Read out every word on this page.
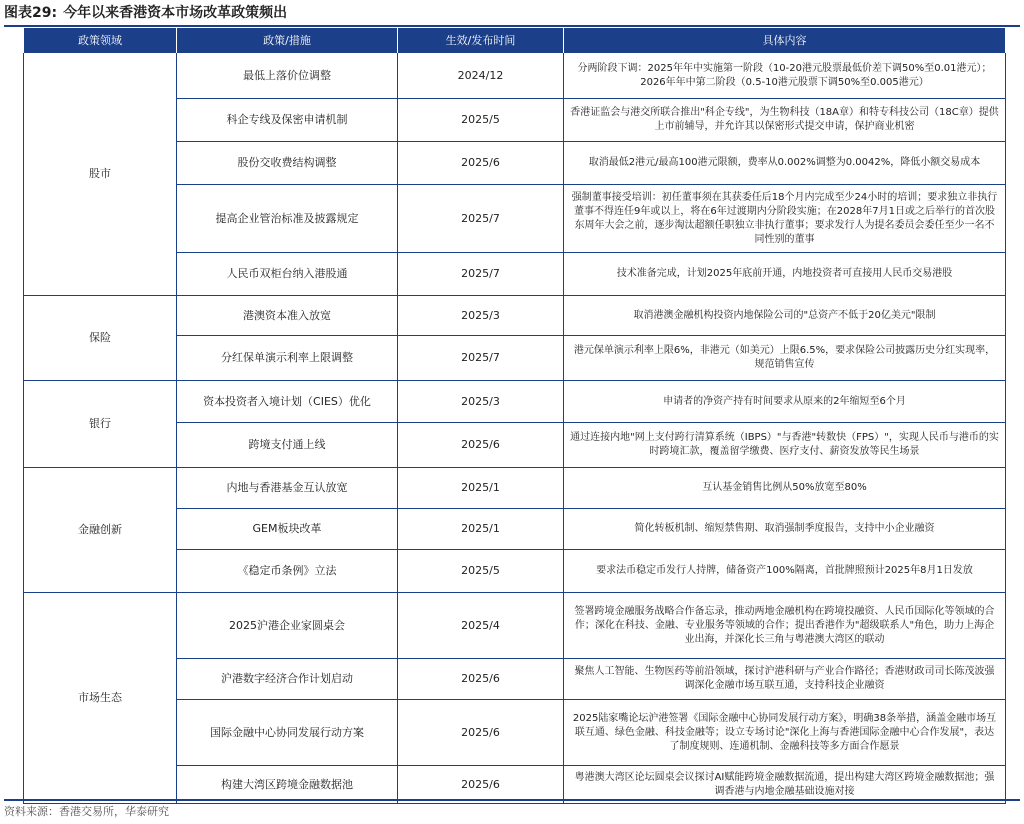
图表29: 今年以来香港资本市场改革政策频出
政策领域	政策/措施	生效/发布时间	具体内容
股市	最低上落价位调整	2024/12	分两阶段下调：2025年年中实施第一阶段（10-20港元股票最低价差下调50%至0.01港元）；2026年年中第二阶段（0.5-10港元股票下调50%至0.005港元）
	科企专线及保密申请机制	2025/5	香港证监会与港交所联合推出"科企专线"，为生物科技（18A章）和特专科技公司（18C章）提供上市前辅导，并允许其以保密形式提交申请，保护商业机密
	股份交收费结构调整	2025/6	取消最低2港元/最高100港元限额，费率从0.002%调整为0.0042%，降低小额交易成本
	提高企业管治标准及披露规定	2025/7	强制董事接受培训：初任董事须在其获委任后18个月内完成至少24小时的培训；要求独立非执行董事不得连任9年或以上，将在6年过渡期内分阶段实施；在2028年7月1日或之后举行的首次股东周年大会之前，逐步淘汰超额任职独立非执行董事；要求发行人为提名委员会委任至少一名不同性别的董事
	人民币双柜台纳入港股通	2025/7	技术准备完成，计划2025年底前开通，内地投资者可直接用人民币交易港股
保险	港澳资本准入放宽	2025/3	取消港澳金融机构投资内地保险公司的"总资产不低于20亿美元"限制
	分红保单演示利率上限调整	2025/7	港元保单演示利率上限6%，非港元（如美元）上限6.5%，要求保险公司披露历史分红实现率，规范销售宣传
银行	资本投资者入境计划（CIES）优化	2025/3	申请者的净资产持有时间要求从原来的2年缩短至6个月
	跨境支付通上线	2025/6	通过连接内地"网上支付跨行清算系统（IBPS）"与香港"转数快（FPS）"，实现人民币与港币的实时跨境汇款，覆盖留学缴费、医疗支付、薪资发放等民生场景
金融创新	内地与香港基金互认放宽	2025/1	互认基金销售比例从50%放宽至80%
	GEM板块改革	2025/1	简化转板机制、缩短禁售期、取消强制季度报告，支持中小企业融资
	《稳定币条例》立法	2025/5	要求法币稳定币发行人持牌，储备资产100%隔离，首批牌照预计2025年8月1日发放
市场生态	2025沪港企业家圆桌会	2025/4	签署跨境金融服务战略合作备忘录，推动两地金融机构在跨境投融资、人民币国际化等领域的合作；深化在科技、金融、专业服务等领域的合作；提出香港作为"超级联系人"角色，助力上海企业出海，并深化长三角与粤港澳大湾区的联动
	沪港数字经济合作计划启动	2025/6	聚焦人工智能、生物医药等前沿领域，探讨沪港科研与产业合作路径；香港财政司司长陈茂波强调深化金融市场互联互通，支持科技企业融资
	国际金融中心协同发展行动方案	2025/6	2025陆家嘴论坛沪港签署《国际金融中心协同发展行动方案》，明确38条举措，涵盖金融市场互联互通、绿色金融、科技金融等；设立专场讨论"深化上海与香港国际金融中心合作发展"，表达了制度规则、连通机制、金融科技等多方面合作愿景
	构建大湾区跨境金融数据池	2025/6	粤港澳大湾区论坛圆桌会议探讨AI赋能跨境金融数据流通，提出构建大湾区跨境金融数据池；强调香港与内地金融基础设施对接
资料来源：香港交易所，华泰研究
